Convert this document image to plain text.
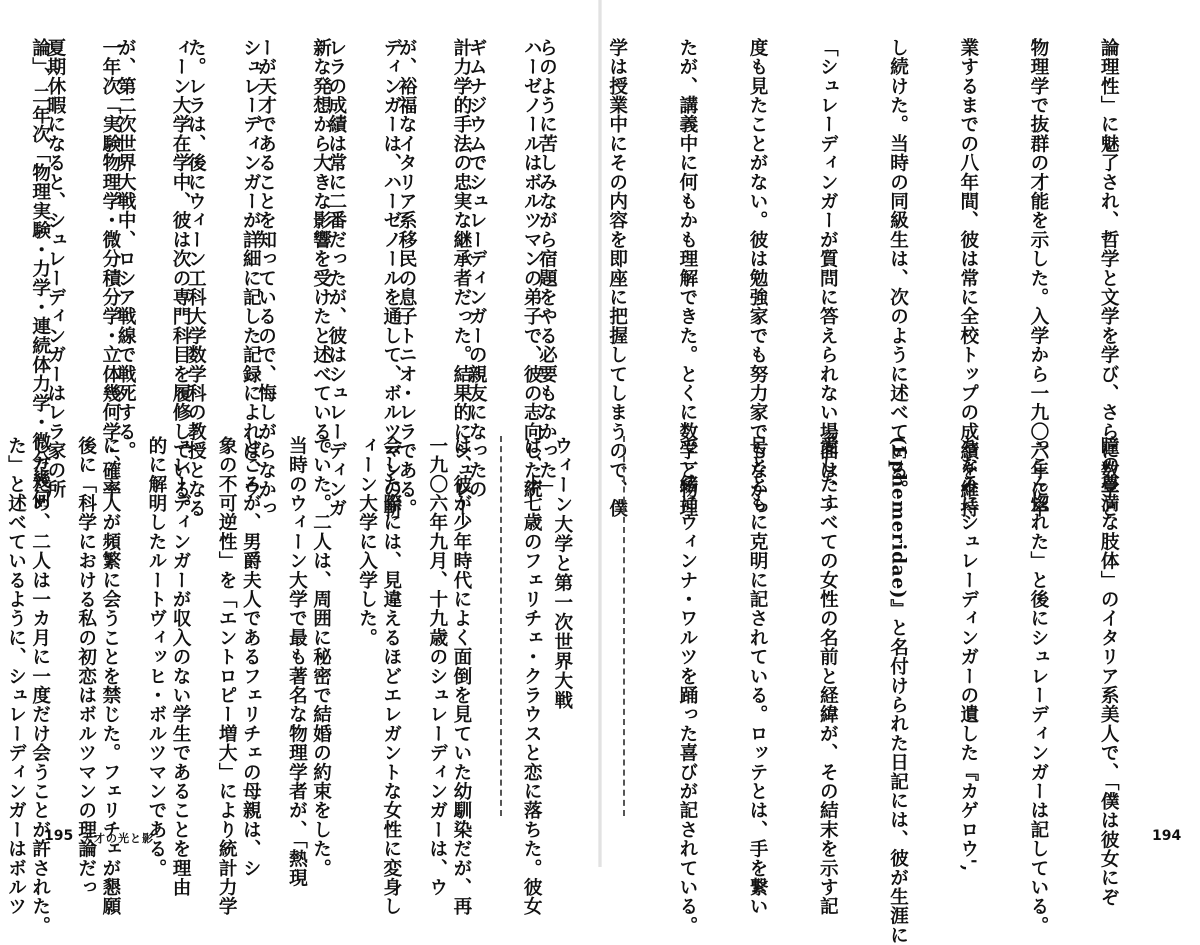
論理性」に魅了され、哲学と文学を学び、さらに数学と

物理学で抜群の才能を示した。入学から一九〇六年に卒

業するまでの八年間、彼は常に全校トップの成績を維持

し続けた。当時の同級生は、次のように述べている。

「シュレーディンガーが質問に答えられない場面は、一

度も見たことがない。彼は勉強家でも努力家でもなかっ

たが、講義中に何もかも理解できた。とくに数学と物理

学は授業中にその内容を即座に把握してしまうので、僕

らのように苦しみながら宿題をやる必要もなかった」

ギムナジウムでシュレーディンガーの親友になったの

が、裕福なイタリア系移民の息子トニオ・レラである。

レラの成績は常に二番だったが、彼はシュレーディンガ

ーが天才であることを知っているので、悔しがらなかっ

た。レラは、後にウィーン工科大学数学科の教授となる

が、第二次世界大戦中、ロシア戦線で戦死する。

夏期休暇になると、シュレーディンガーはレラ家の所

瞳の豊満な肢体」のイタリア系美人で、「僕は彼女にぞ

っこん惚れた」と後にシュレーディンガーは記している。

ちなみにシュレーディンガーの遺した『カゲロウ',

(Ephemeridae)』と名付けられた日記には、彼が生涯に

愛したすべての女性の名前と経緯が、その結末を示す記

号とともに克明に記されている。ロッテとは、手を繋い

で一緒にウィンナ・ワルツを踊った喜びが記されている。

ウィーン大学と第一次世界大戦

一九〇六年九月、十九歳のシュレーディンガーは、ウ

ィーン大学に入学した。

当時のウィーン大学で最も著名な物理学者が、「熱現

象の不可逆性」を「エントロピー増大」により統計力学

的に解明したルートヴィッヒ・ボルツマンである。

後に「科学における私の初恋はボルツマンの理論だっ

た」と述べているように、シュレーディンガーはボルツ

ハーゼノールはボルツマンの弟子で、彼の志向した統

計力学的手法の忠実な継承者だった。結果的にシュレー

ディンガーは、ハーゼノールを通して、ボルツマンの斬

新な発想から大きな影響を受けたと述べている。

シュレーディンガーが詳細に記した記録によれば、ウ

ィーン大学在学中、彼は次の専門科目を履修している。

一年次「実験物理学・微分積分学・立体幾何学・確率

論」、二年次「物理実験・力学・連続体力学・微分幾何

は、十七歳のフェリチェ・クラウスと恋に落ちた。彼女

は、彼が少年時代によく面倒を見ていた幼馴染だが、再

会した際には、見違えるほどエレガントな女性に変身し

ていた。二人は、周囲に秘密で結婚の約束をした。

ところが、男爵夫人であるフェリチェの母親は、シ

ュレーディンガーが収入のない学生であることを理由

に、二人が頻繁に会うことを禁じた。フェリチェが懇願

したため、二人は一カ月に一度だけ会うことが許された。

195 天才の光と影	194
